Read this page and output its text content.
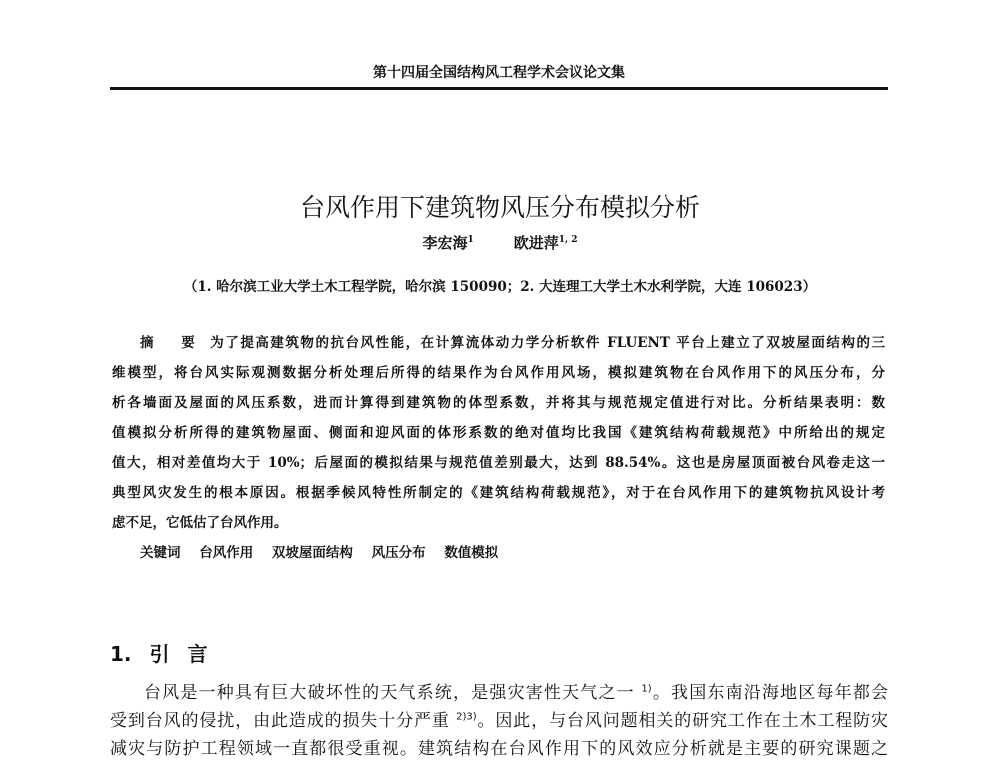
第十四届全国结构风工程学术会议论文集
台风作用下建筑物风压分布模拟分析
李宏海$^1$	欧进萍$^{1, 2}$
（1. 哈尔滨工业大学土木工程学院，哈尔滨 150090；2. 大连理工大学土木水利学院，大连 106023）
摘 要 为了提高建筑物的抗台风性能，在计算流体动力学分析软件 FLUENT 平台上建立了双坡屋面结构的三
维模型，将台风实际观测数据分析处理后所得的结果作为台风作用风场，模拟建筑物在台风作用下的风压分布，分
析各墙面及屋面的风压系数，进而计算得到建筑物的体型系数，并将其与规范规定值进行对比。分析结果表明：数
值模拟分析所得的建筑物屋面、侧面和迎风面的体形系数的绝对值均比我国《建筑结构荷载规范》中所给出的规定
值大，相对差值均大于 10%；后屋面的模拟结果与规范值差别最大，达到 88.54%。这也是房屋顶面被台风卷走这一
典型风灾发生的根本原因。根据季候风特性所制定的《建筑结构荷载规范》，对于在台风作用下的建筑物抗风设计考
虑不足，它低估了台风作用。
关键词 台风作用 双坡屋面结构 风压分布 数值模拟
1. 引言
台风是一种具有巨大破坏性的天气系统，是强灾害性天气之一 $^{1)}$。我国东南沿海地区每年都会
受到台风的侵扰，由此造成的损失十分严重 $^{2)3)}$。因此，与台风问题相关的研究工作在土木工程防灾
减灾与防护工程领域一直都很受重视。建筑结构在台风作用下的风效应分析就是主要的研究课题之
